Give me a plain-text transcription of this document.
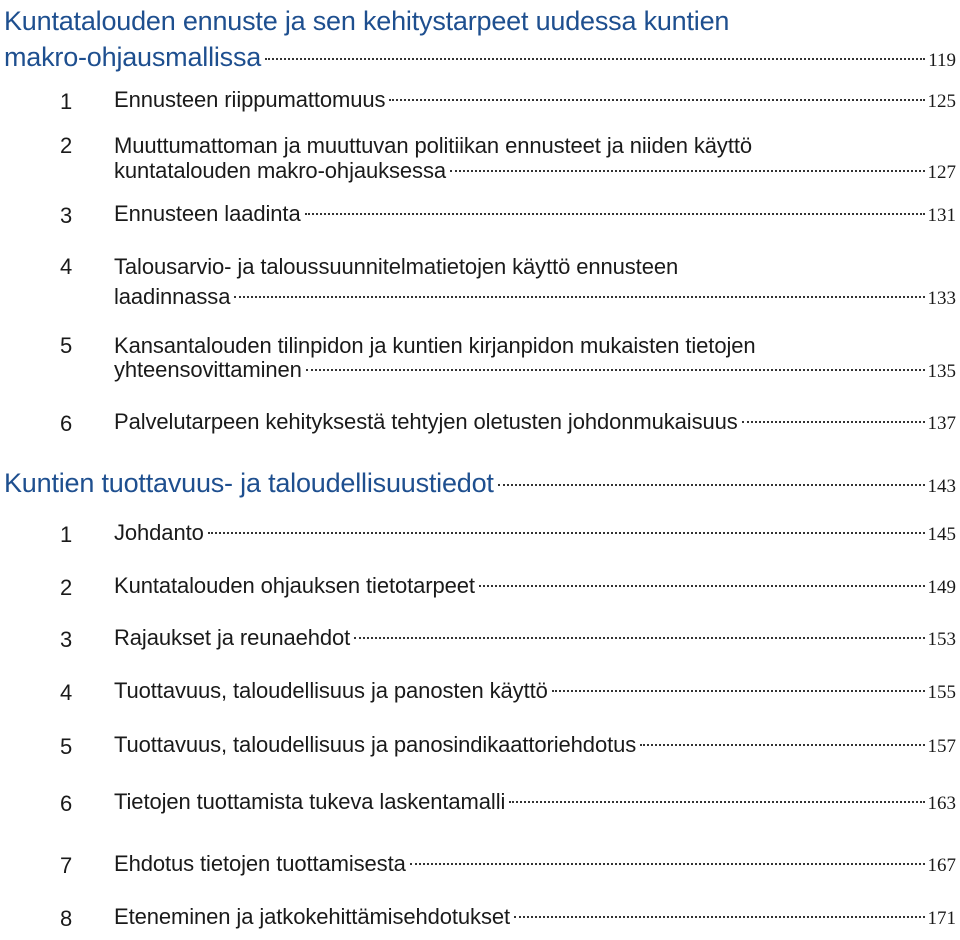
Kuntatalouden ennuste ja sen kehitystarpeet uudessa kuntien
makro-ohjausmallissa	119
1	Ennusteen riippumattomuus	125
2	Muuttumattoman ja muuttuvan politiikan ennusteet ja niiden käyttö
kuntatalouden makro-ohjauksessa	127
3	Ennusteen laadinta	131
4	Talousarvio- ja taloussuunnitelmatietojen käyttö ennusteen
laadinnassa	133
5	Kansantalouden tilinpidon ja kuntien kirjanpidon mukaisten tietojen
yhteensovittaminen	135
6	Palvelutarpeen kehityksestä tehtyjen oletusten johdonmukaisuus	137
Kuntien tuottavuus- ja taloudellisuustiedot	143
1	Johdanto	145
2	Kuntatalouden ohjauksen tietotarpeet	149
3	Rajaukset ja reunaehdot	153
4	Tuottavuus, taloudellisuus ja panosten käyttö	155
5	Tuottavuus, taloudellisuus ja panosindikaattoriehdotus	157
6	Tietojen tuottamista tukeva laskentamalli	163
7	Ehdotus tietojen tuottamisesta	167
8	Eteneminen ja jatkokehittämisehdotukset	171
